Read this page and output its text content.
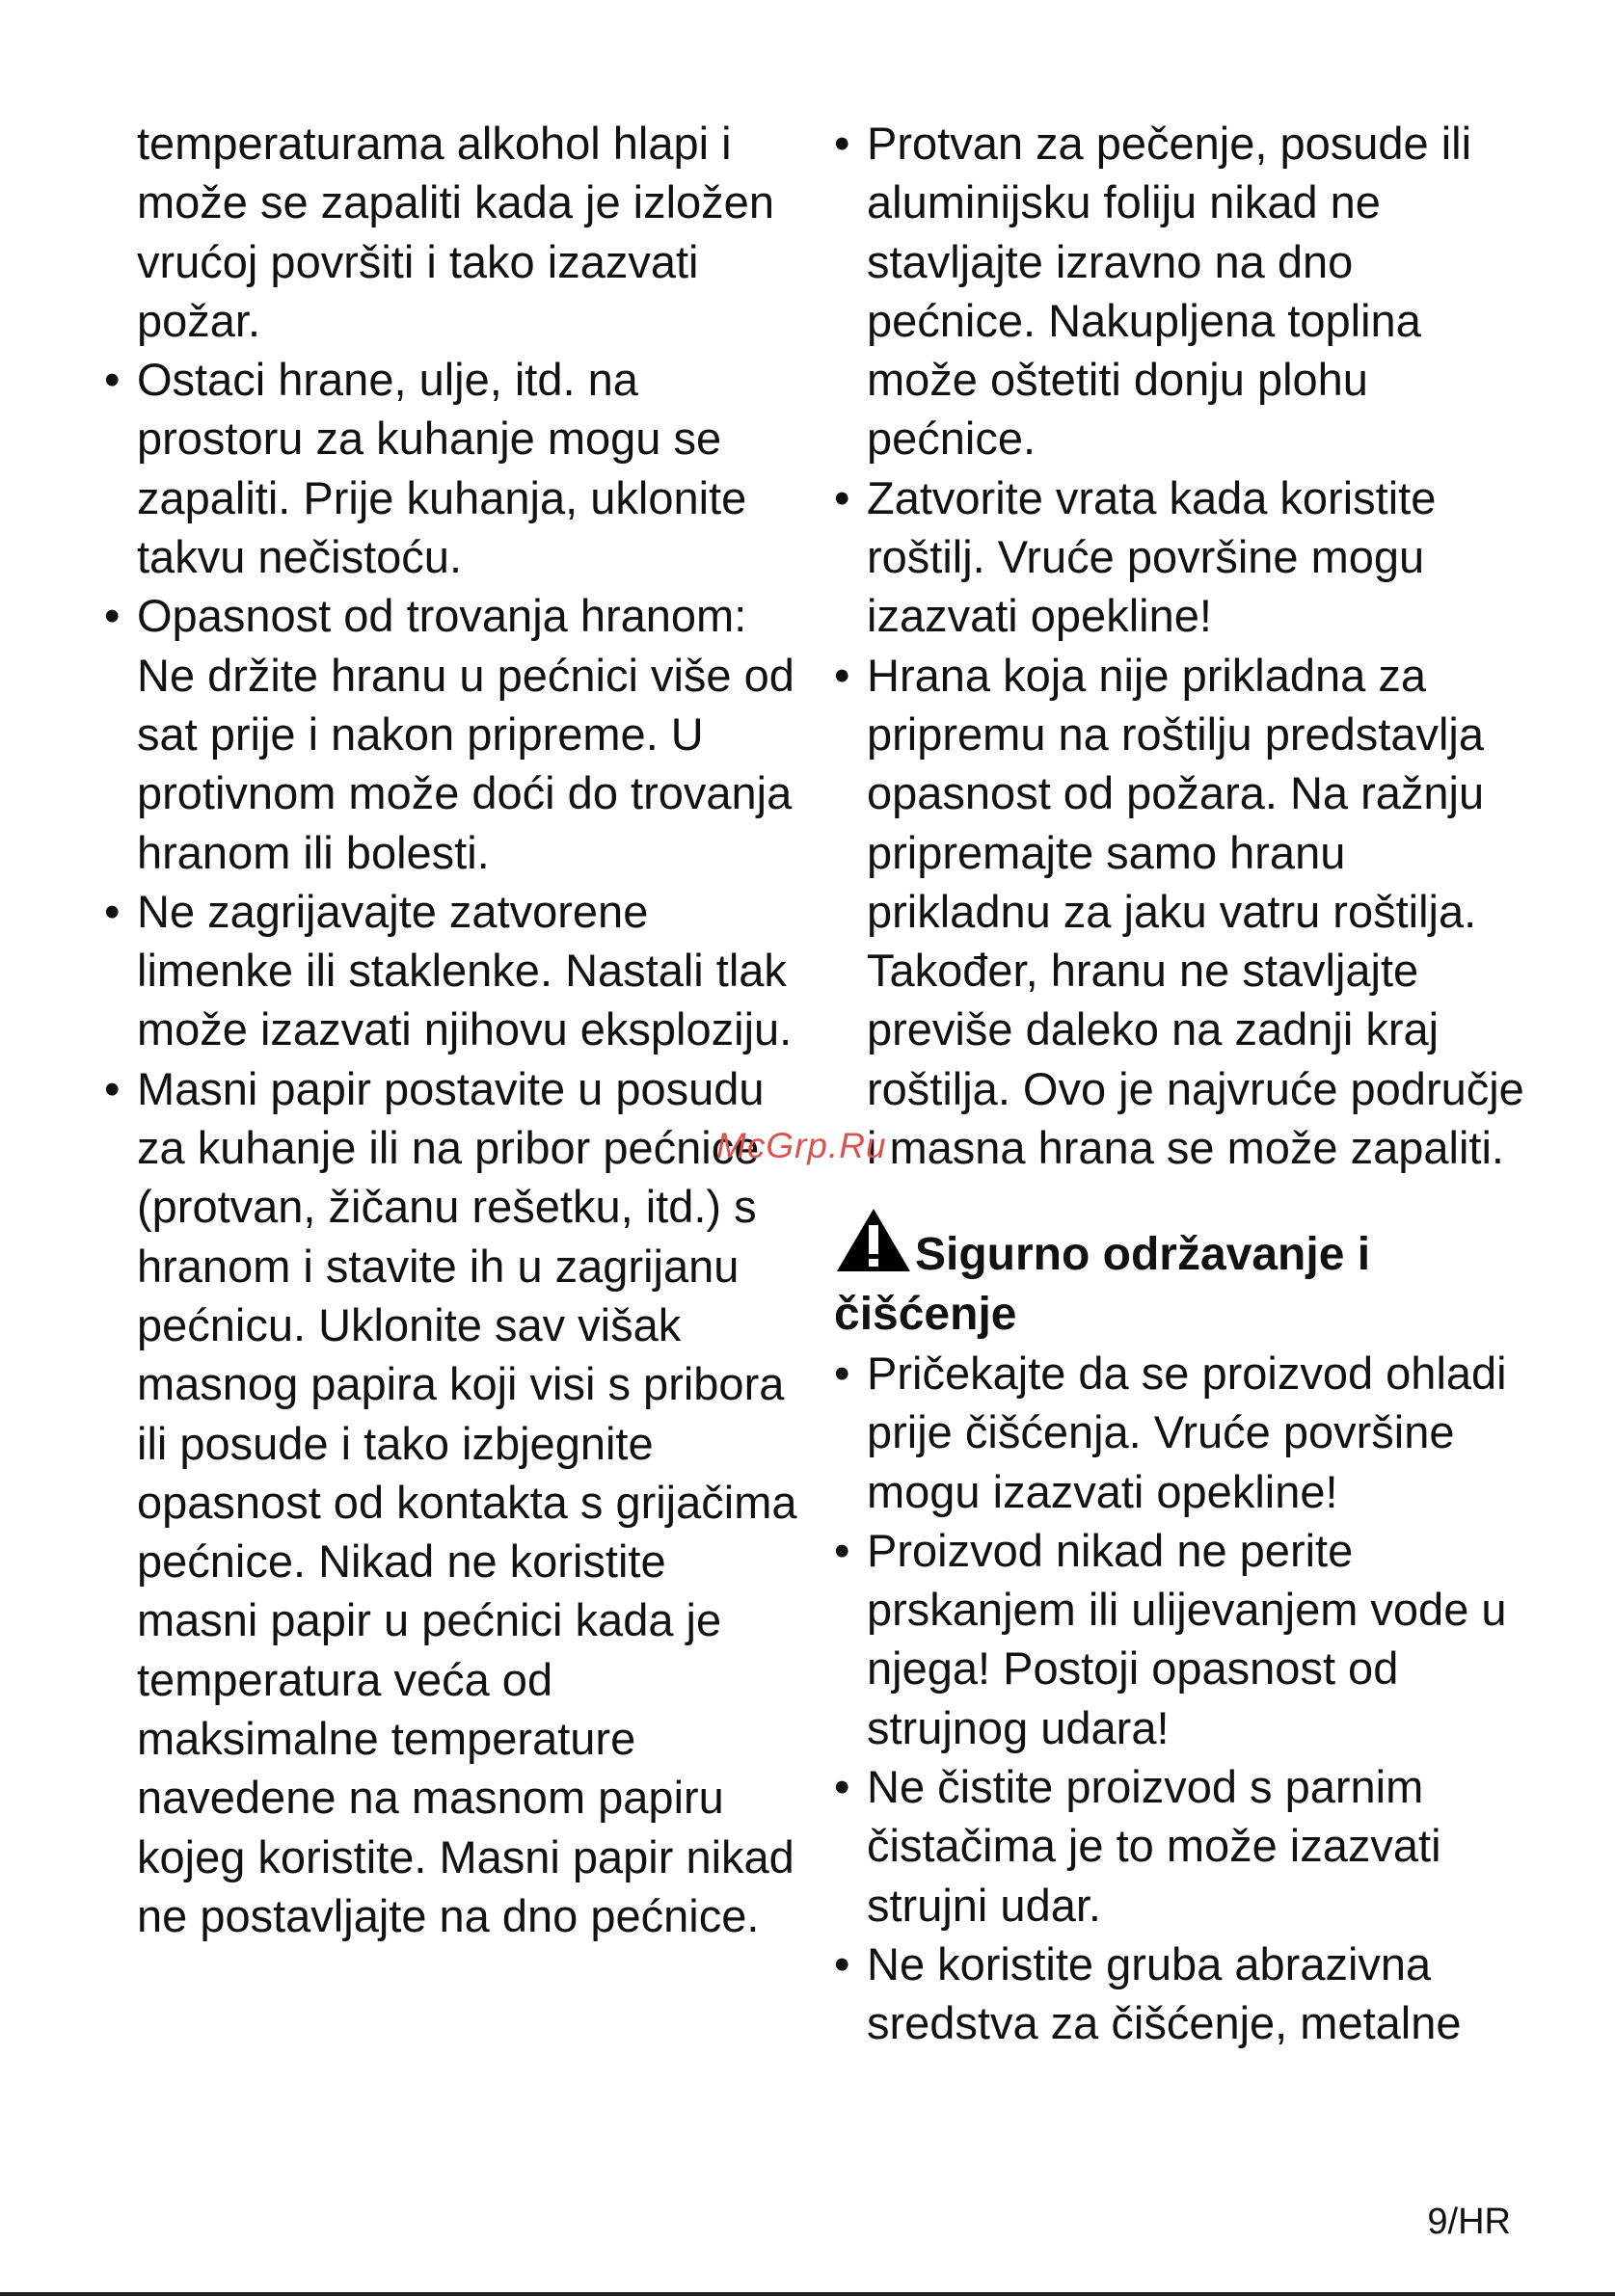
temperaturama alkohol hlapi i može se zapaliti kada je izložen vrućoj površiti i tako izazvati požar.

• Ostaci hrane, ulje, itd. na prostoru za kuhanje mogu se zapaliti. Prije kuhanja, uklonite takvu nečistoću.

• Opasnost od trovanja hranom: Ne držite hranu u pećnici više od sat prije i nakon pripreme. U protivnom može doći do trovanja hranom ili bolesti.

• Ne zagrijavajte zatvorene limenke ili staklenke. Nastali tlak može izazvati njihovu eksploziju.

• Masni papir postavite u posudu za kuhanje ili na pribor pećnice (protvan, žičanu rešetku, itd.) s hranom i stavite ih u zagrijanu pećnicu. Uklonite sav višak masnog papira koji visi s pribora ili posude i tako izbjegnite opasnost od kontakta s grijačima pećnice. Nikad ne koristite masni papir u pećnici kada je temperatura veća od maksimalne temperature navedene na masnom papiru kojeg koristite. Masni papir nikad ne postavljajte na dno pećnice.

• Protvan za pečenje, posude ili aluminijsku foliju nikad ne stavljajte izravno na dno pećnice. Nakupljena toplina može oštetiti donju plohu pećnice.

• Zatvorite vrata kada koristite roštilj. Vruće površine mogu izazvati opekline!

• Hrana koja nije prikladna za pripremu na roštilju predstavlja opasnost od požara. Na ražnju pripremajte samo hranu prikladnu za jaku vatru roštilja. Također, hranu ne stavljajte previše daleko na zadnji kraj roštilja. Ovo je najvruće područje i masna hrana se može zapaliti.

Sigurno održavanje i čišćenje

• Pričekajte da se proizvod ohladi prije čišćenja. Vruće površine mogu izazvati opekline!

• Proizvod nikad ne perite prskanjem ili ulijevanjem vode u njega! Postoji opasnost od strujnog udara!

• Ne čistite proizvod s parnim čistačima je to može izazvati strujni udar.

• Ne koristite gruba abrazivna sredstva za čišćenje, metalne

McGrp.Ru
9/HR
